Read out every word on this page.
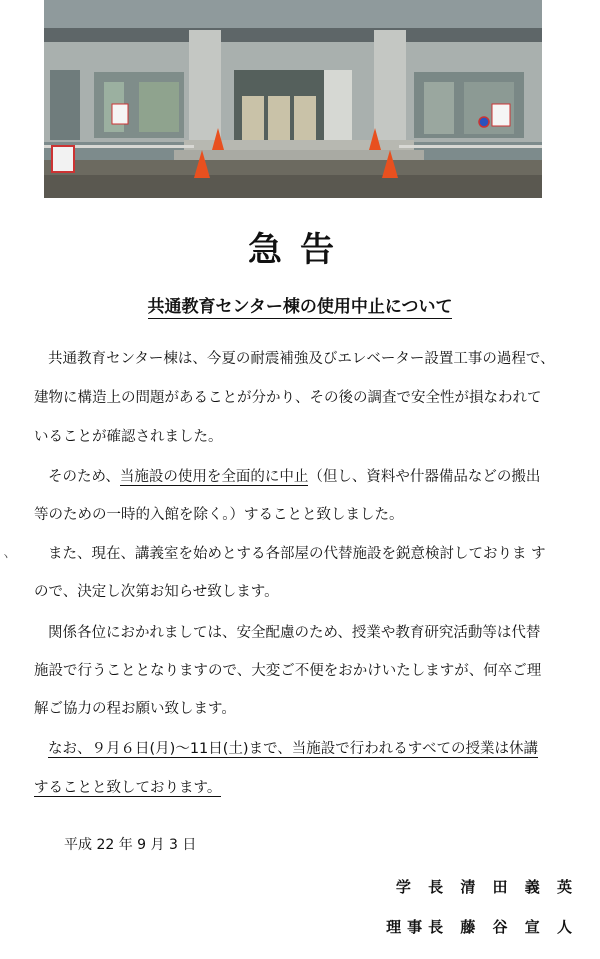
急告
共通教育センター棟の使用中止について
共通教育センター棟は、今夏の耐震補強及びエレベーター設置工事の過程で、
建物に構造上の問題があることが分かり、その後の調査で安全性が損なわれて
いることが確認されました。
そのため、当施設の使用を全面的に中止（但し、資料や什器備品などの搬出
等のための一時的入館を除く。）することと致しました。
ヽ	また、現在、講義室を始めとする各部屋の代替施設を鋭意検討しておりま す
ので、決定し次第お知らせ致します。
関係各位におかれましては、安全配慮のため、授業や教育研究活動等は代替
施設で行うこととなりますので、大変ご不便をおかけいたしますが、何卒ご理
解ご協力の程お願い致します。
なお、９月６日(月)～11日(土)まで、当施設で行われるすべての授業は休講
することと致しております。
平成 22 年 9 月 3 日
学 長 清 田 義 英
理事長 藤 谷 宣 人
